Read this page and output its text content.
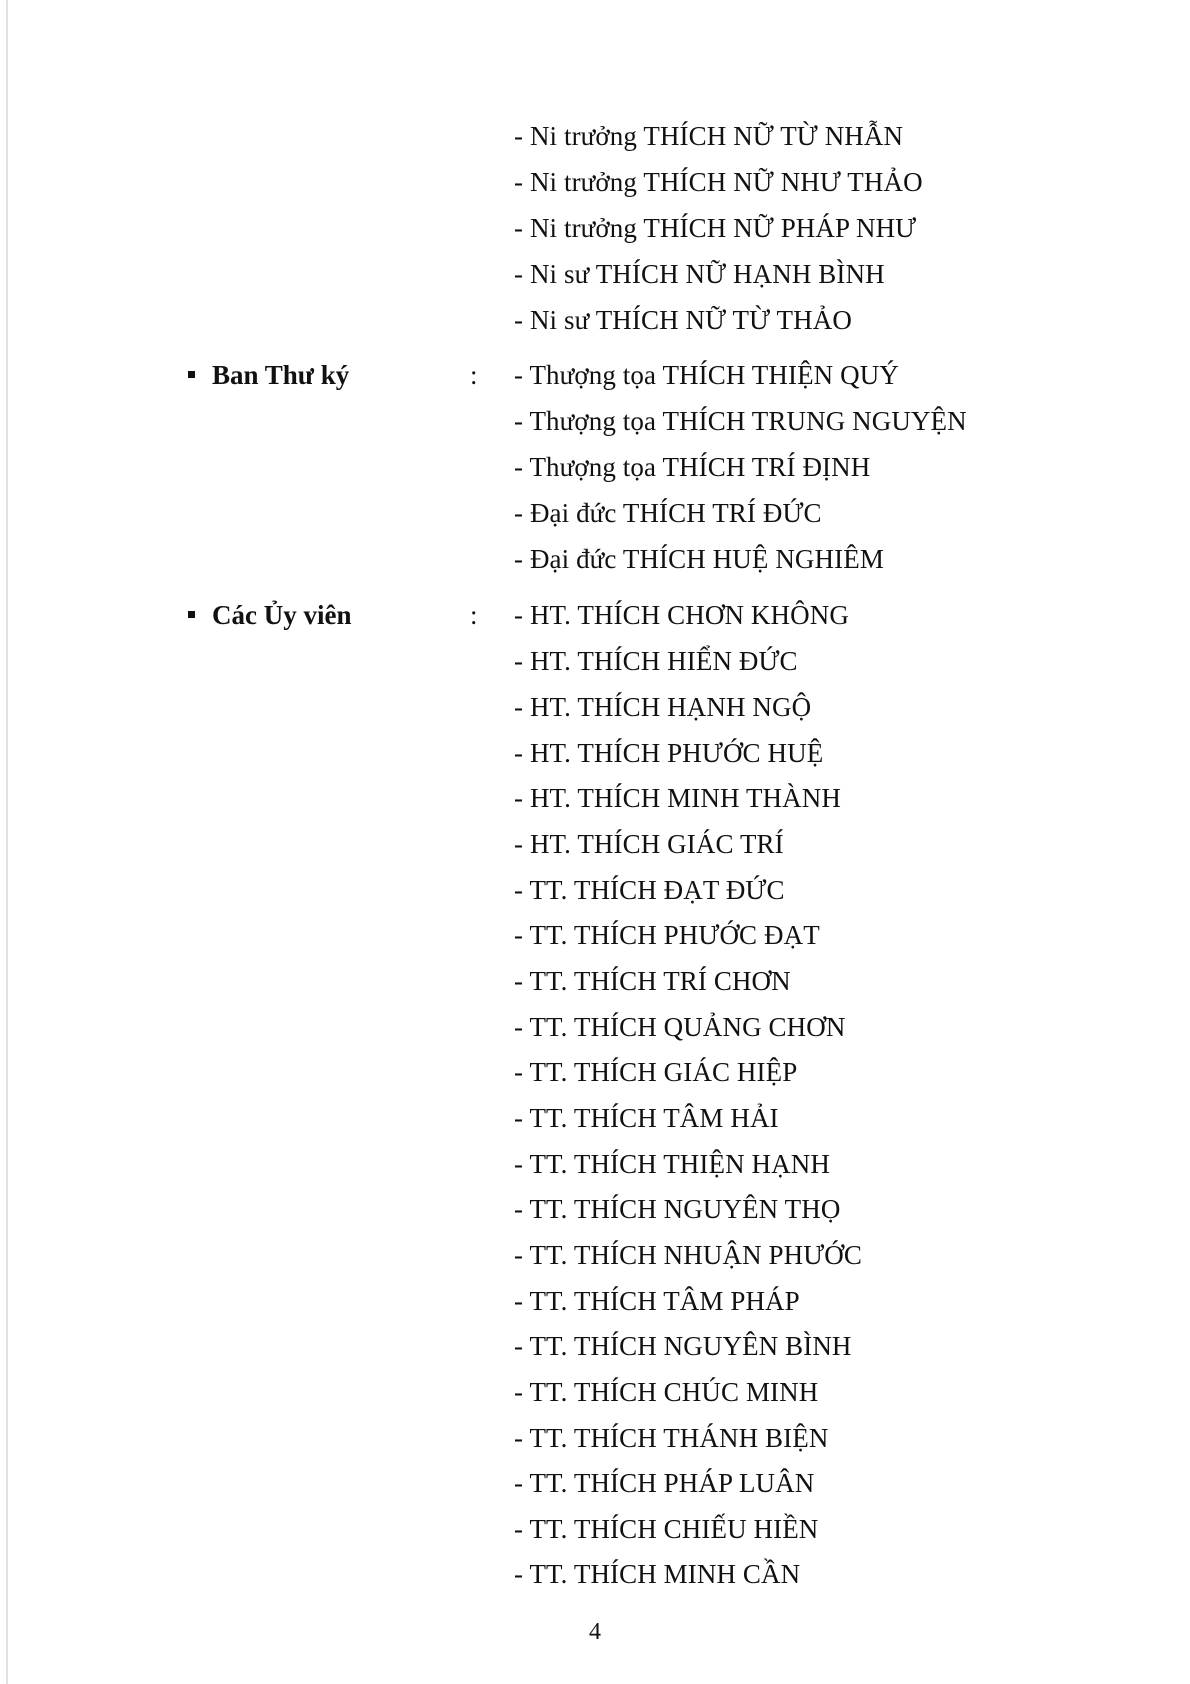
- Ni trưởng THÍCH NỮ TỪ NHẪN
- Ni trưởng THÍCH NỮ NHƯ THẢO
- Ni trưởng THÍCH NỮ PHÁP NHƯ
- Ni sư THÍCH NỮ HẠNH BÌNH
- Ni sư THÍCH NỮ TỪ THẢO
Ban Thư ký	: - Thượng tọa THÍCH THIỆN QUÝ
- Thượng tọa THÍCH TRUNG NGUYỆN
- Thượng tọa THÍCH TRÍ ĐỊNH
- Đại đức THÍCH TRÍ ĐỨC
- Đại đức THÍCH HUỆ NGHIÊM
Các Ủy viên	: - HT. THÍCH CHƠN KHÔNG
- HT. THÍCH HIỂN ĐỨC
- HT. THÍCH HẠNH NGỘ
- HT. THÍCH PHƯỚC HUỆ
- HT. THÍCH MINH THÀNH
- HT. THÍCH GIÁC TRÍ
- TT. THÍCH ĐẠT ĐỨC
- TT. THÍCH PHƯỚC ĐẠT
- TT. THÍCH TRÍ CHƠN
- TT. THÍCH QUẢNG CHƠN
- TT. THÍCH GIÁC HIỆP
- TT. THÍCH TÂM HẢI
- TT. THÍCH THIỆN HẠNH
- TT. THÍCH NGUYÊN THỌ
- TT. THÍCH NHUẬN PHƯỚC
- TT. THÍCH TÂM PHÁP
- TT. THÍCH NGUYÊN BÌNH
- TT. THÍCH CHÚC MINH
- TT. THÍCH THÁNH BIỆN
- TT. THÍCH PHÁP LUÂN
- TT. THÍCH CHIẾU HIỀN
- TT. THÍCH MINH CẦN
4
